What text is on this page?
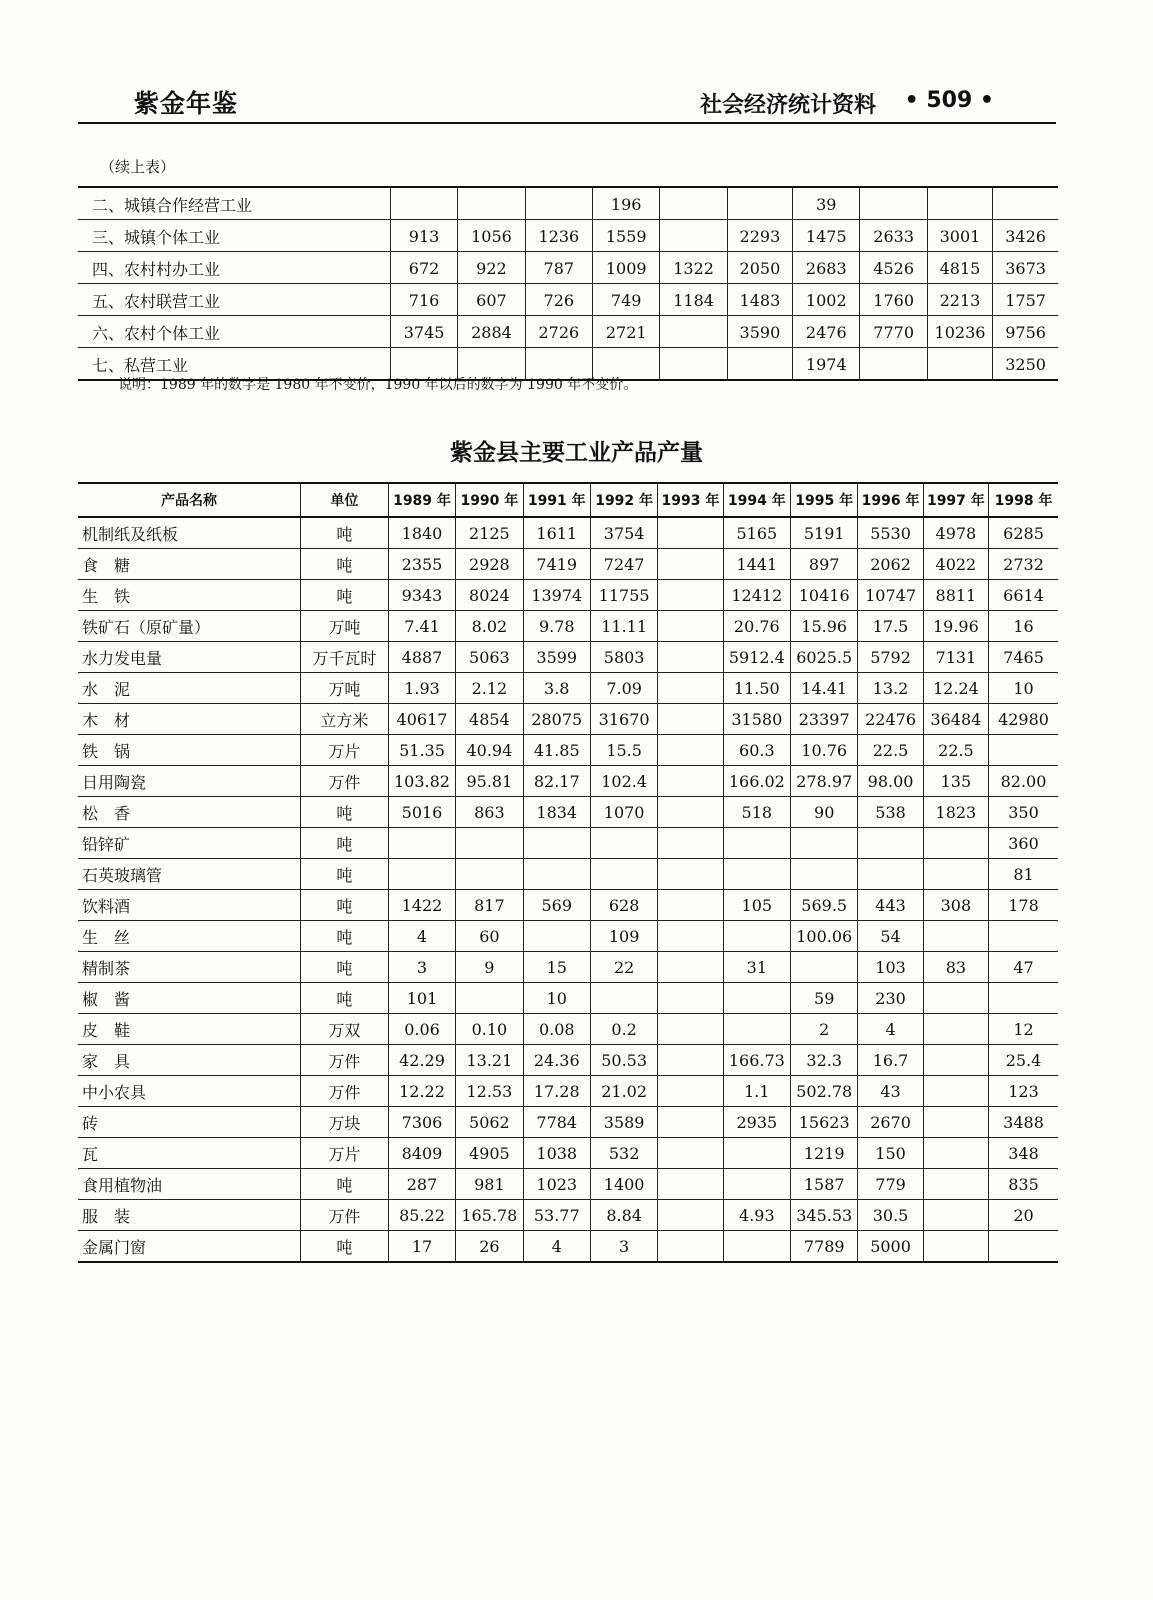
紫金年鉴	社会经济统计资料 • 509 •
（续上表）
二、城镇合作经营工业				196			39			
三、城镇个体工业	913	1056	1236	1559		2293	1475	2633	3001	3426
四、农村村办工业	672	922	787	1009	1322	2050	2683	4526	4815	3673
五、农村联营工业	716	607	726	749	1184	1483	1002	1760	2213	1757
六、农村个体工业	3745	2884	2726	2721		3590	2476	7770	10236	9756
七、私营工业							1974			3250
说明：1989 年的数字是 1980 年不变价，1990 年以后的数字为 1990 年不变价。
紫金县主要工业产品产量
产品名称	单位	1989 年	1990 年	1991 年	1992 年	1993 年	1994 年	1995 年	1996 年	1997 年	1998 年
机制纸及纸板	吨	1840	2125	1611	3754		5165	5191	5530	4978	6285
食　糖	吨	2355	2928	7419	7247		1441	897	2062	4022	2732
生　铁	吨	9343	8024	13974	11755		12412	10416	10747	8811	6614
铁矿石（原矿量）	万吨	7.41	8.02	9.78	11.11		20.76	15.96	17.5	19.96	16
水力发电量	万千瓦时	4887	5063	3599	5803		5912.4	6025.5	5792	7131	7465
水　泥	万吨	1.93	2.12	3.8	7.09		11.50	14.41	13.2	12.24	10
木　材	立方米	40617	4854	28075	31670		31580	23397	22476	36484	42980
铁　锅	万片	51.35	40.94	41.85	15.5		60.3	10.76	22.5	22.5	
日用陶瓷	万件	103.82	95.81	82.17	102.4		166.02	278.97	98.00	135	82.00
松　香	吨	5016	863	1834	1070		518	90	538	1823	350
铅锌矿	吨										360
石英玻璃管	吨										81
饮料酒	吨	1422	817	569	628		105	569.5	443	308	178
生　丝	吨	4	60		109			100.06	54		
精制茶	吨	3	9	15	22		31		103	83	47
椒　酱	吨	101		10				59	230		
皮　鞋	万双	0.06	0.10	0.08	0.2			2	4		12
家　具	万件	42.29	13.21	24.36	50.53		166.73	32.3	16.7		25.4
中小农具	万件	12.22	12.53	17.28	21.02		1.1	502.78	43		123
砖	万块	7306	5062	7784	3589		2935	15623	2670		3488
瓦	万片	8409	4905	1038	532			1219	150		348
食用植物油	吨	287	981	1023	1400			1587	779		835
服　装	万件	85.22	165.78	53.77	8.84		4.93	345.53	30.5		20
金属门窗	吨	17	26	4	3			7789	5000		
